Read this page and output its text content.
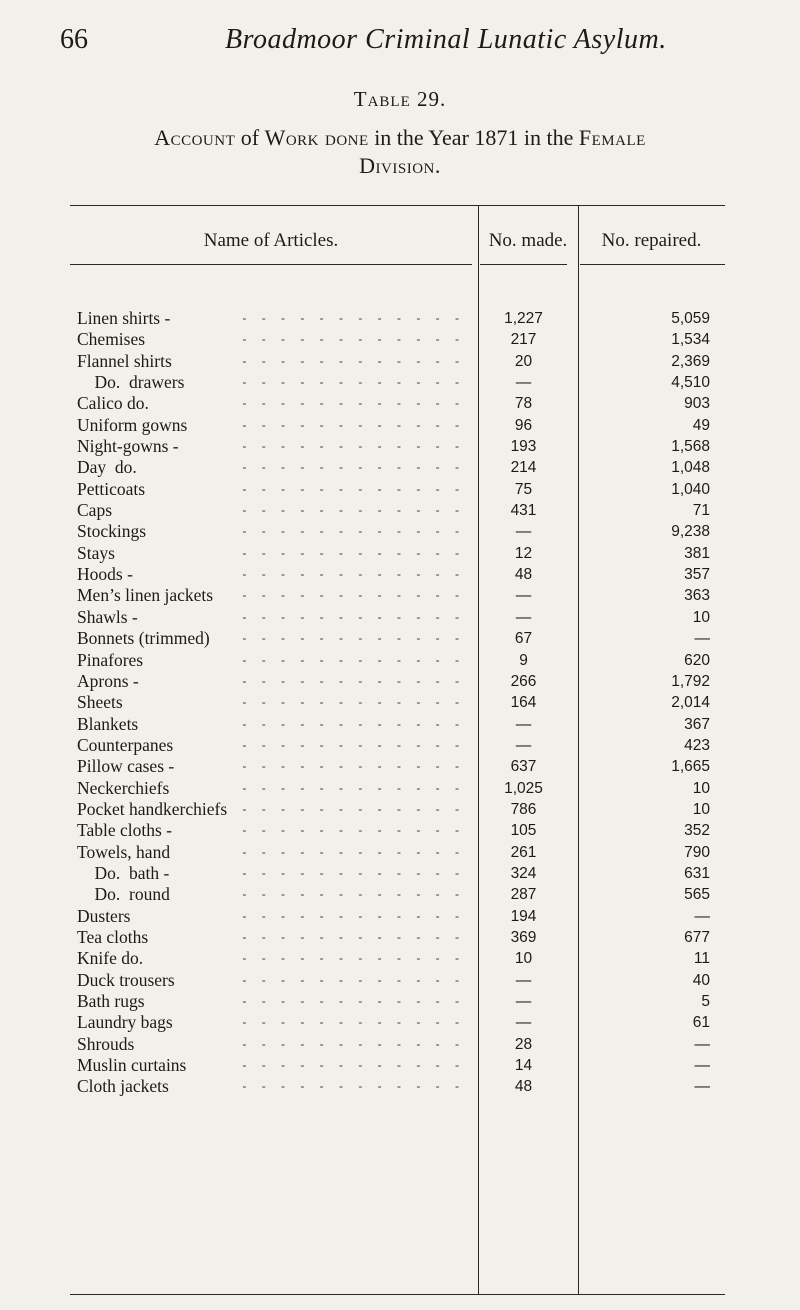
66	Broadmoor Criminal Lunatic Asylum.
Table 29.
Account of Work done in the Year 1871 in the Female
Division.
Name of Articles.	No. made.	No. repaired.
Linen shirts -	- - - - - - - - - - - -	1,227	5,059
Chemises	- - - - - - - - - - - -	217	1,534
Flannel shirts	- - - - - - - - - - - -	20	2,369
Do.  drawers	- - - - - - - - - - - -	—	4,510
Calico do.	- - - - - - - - - - - -	78	903
Uniform gowns	- - - - - - - - - - - -	96	49
Night-gowns -	- - - - - - - - - - - -	193	1,568
Day  do.	- - - - - - - - - - - -	214	1,048
Petticoats	- - - - - - - - - - - -	75	1,040
Caps	- - - - - - - - - - - -	431	71
Stockings	- - - - - - - - - - - -	—	9,238
Stays	- - - - - - - - - - - -	12	381
Hoods -	- - - - - - - - - - - -	48	357
Men’s linen jackets	- - - - - - - - - - - -	—	363
Shawls -	- - - - - - - - - - - -	—	10
Bonnets (trimmed)	- - - - - - - - - - - -	67	—
Pinafores	- - - - - - - - - - - -	9	620
Aprons -	- - - - - - - - - - - -	266	1,792
Sheets	- - - - - - - - - - - -	164	2,014
Blankets	- - - - - - - - - - - -	—	367
Counterpanes	- - - - - - - - - - - -	—	423
Pillow cases -	- - - - - - - - - - - -	637	1,665
Neckerchiefs	- - - - - - - - - - - -	1,025	10
Pocket handkerchiefs	- - - - - - - - - - - -	786	10
Table cloths -	- - - - - - - - - - - -	105	352
Towels, hand	- - - - - - - - - - - -	261	790
Do.  bath -	- - - - - - - - - - - -	324	631
Do.  round	- - - - - - - - - - - -	287	565
Dusters	- - - - - - - - - - - -	194	—
Tea cloths	- - - - - - - - - - - -	369	677
Knife do.	- - - - - - - - - - - -	10	11
Duck trousers	- - - - - - - - - - - -	—	40
Bath rugs	- - - - - - - - - - - -	—	5
Laundry bags	- - - - - - - - - - - -	—	61
Shrouds	- - - - - - - - - - - -	28	—
Muslin curtains	- - - - - - - - - - - -	14	—
Cloth jackets	- - - - - - - - - - - -	48	—
